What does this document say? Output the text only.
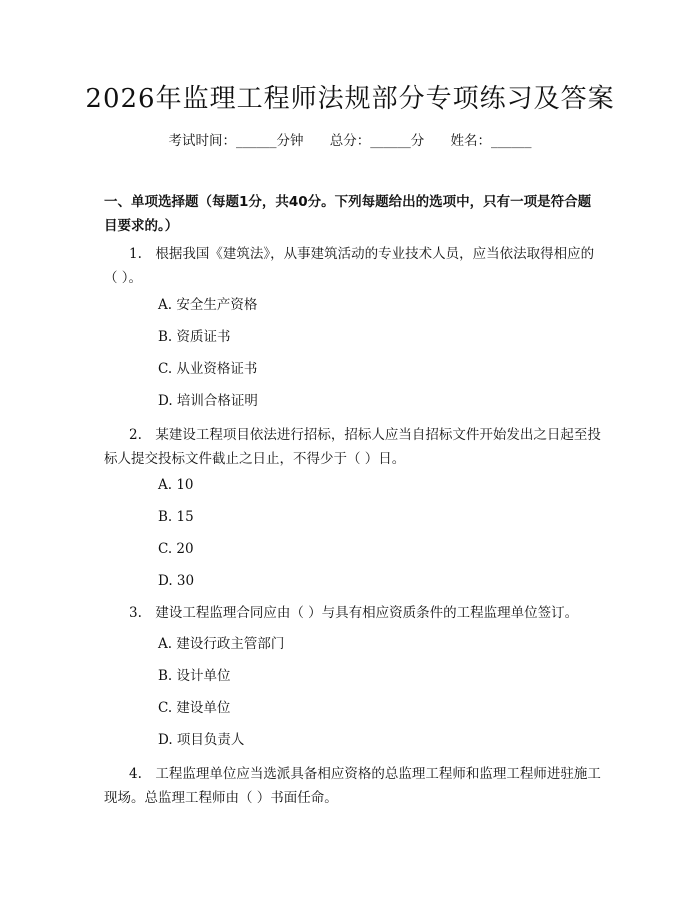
2026年监理工程师法规部分专项练习及答案
考试时间：______分钟 总分：______分 姓名：______
一、单项选择题（每题1分，共40分。下列每题给出的选项中，只有一项是符合题目要求的。）
1.　根据我国《建筑法》，从事建筑活动的专业技术人员，应当依法取得相应的（ ）。
A. 安全生产资格
B. 资质证书
C. 从业资格证书
D. 培训合格证明
2.　某建设工程项目依法进行招标，招标人应当自招标文件开始发出之日起至投标人提交投标文件截止之日止，不得少于（ ）日。
A. 10
B. 15
C. 20
D. 30
3.　建设工程监理合同应由（ ）与具有相应资质条件的工程监理单位签订。
A. 建设行政主管部门
B. 设计单位
C. 建设单位
D. 项目负责人
4.　工程监理单位应当选派具备相应资格的总监理工程师和监理工程师进驻施工现场。总监理工程师由（ ）书面任命。
